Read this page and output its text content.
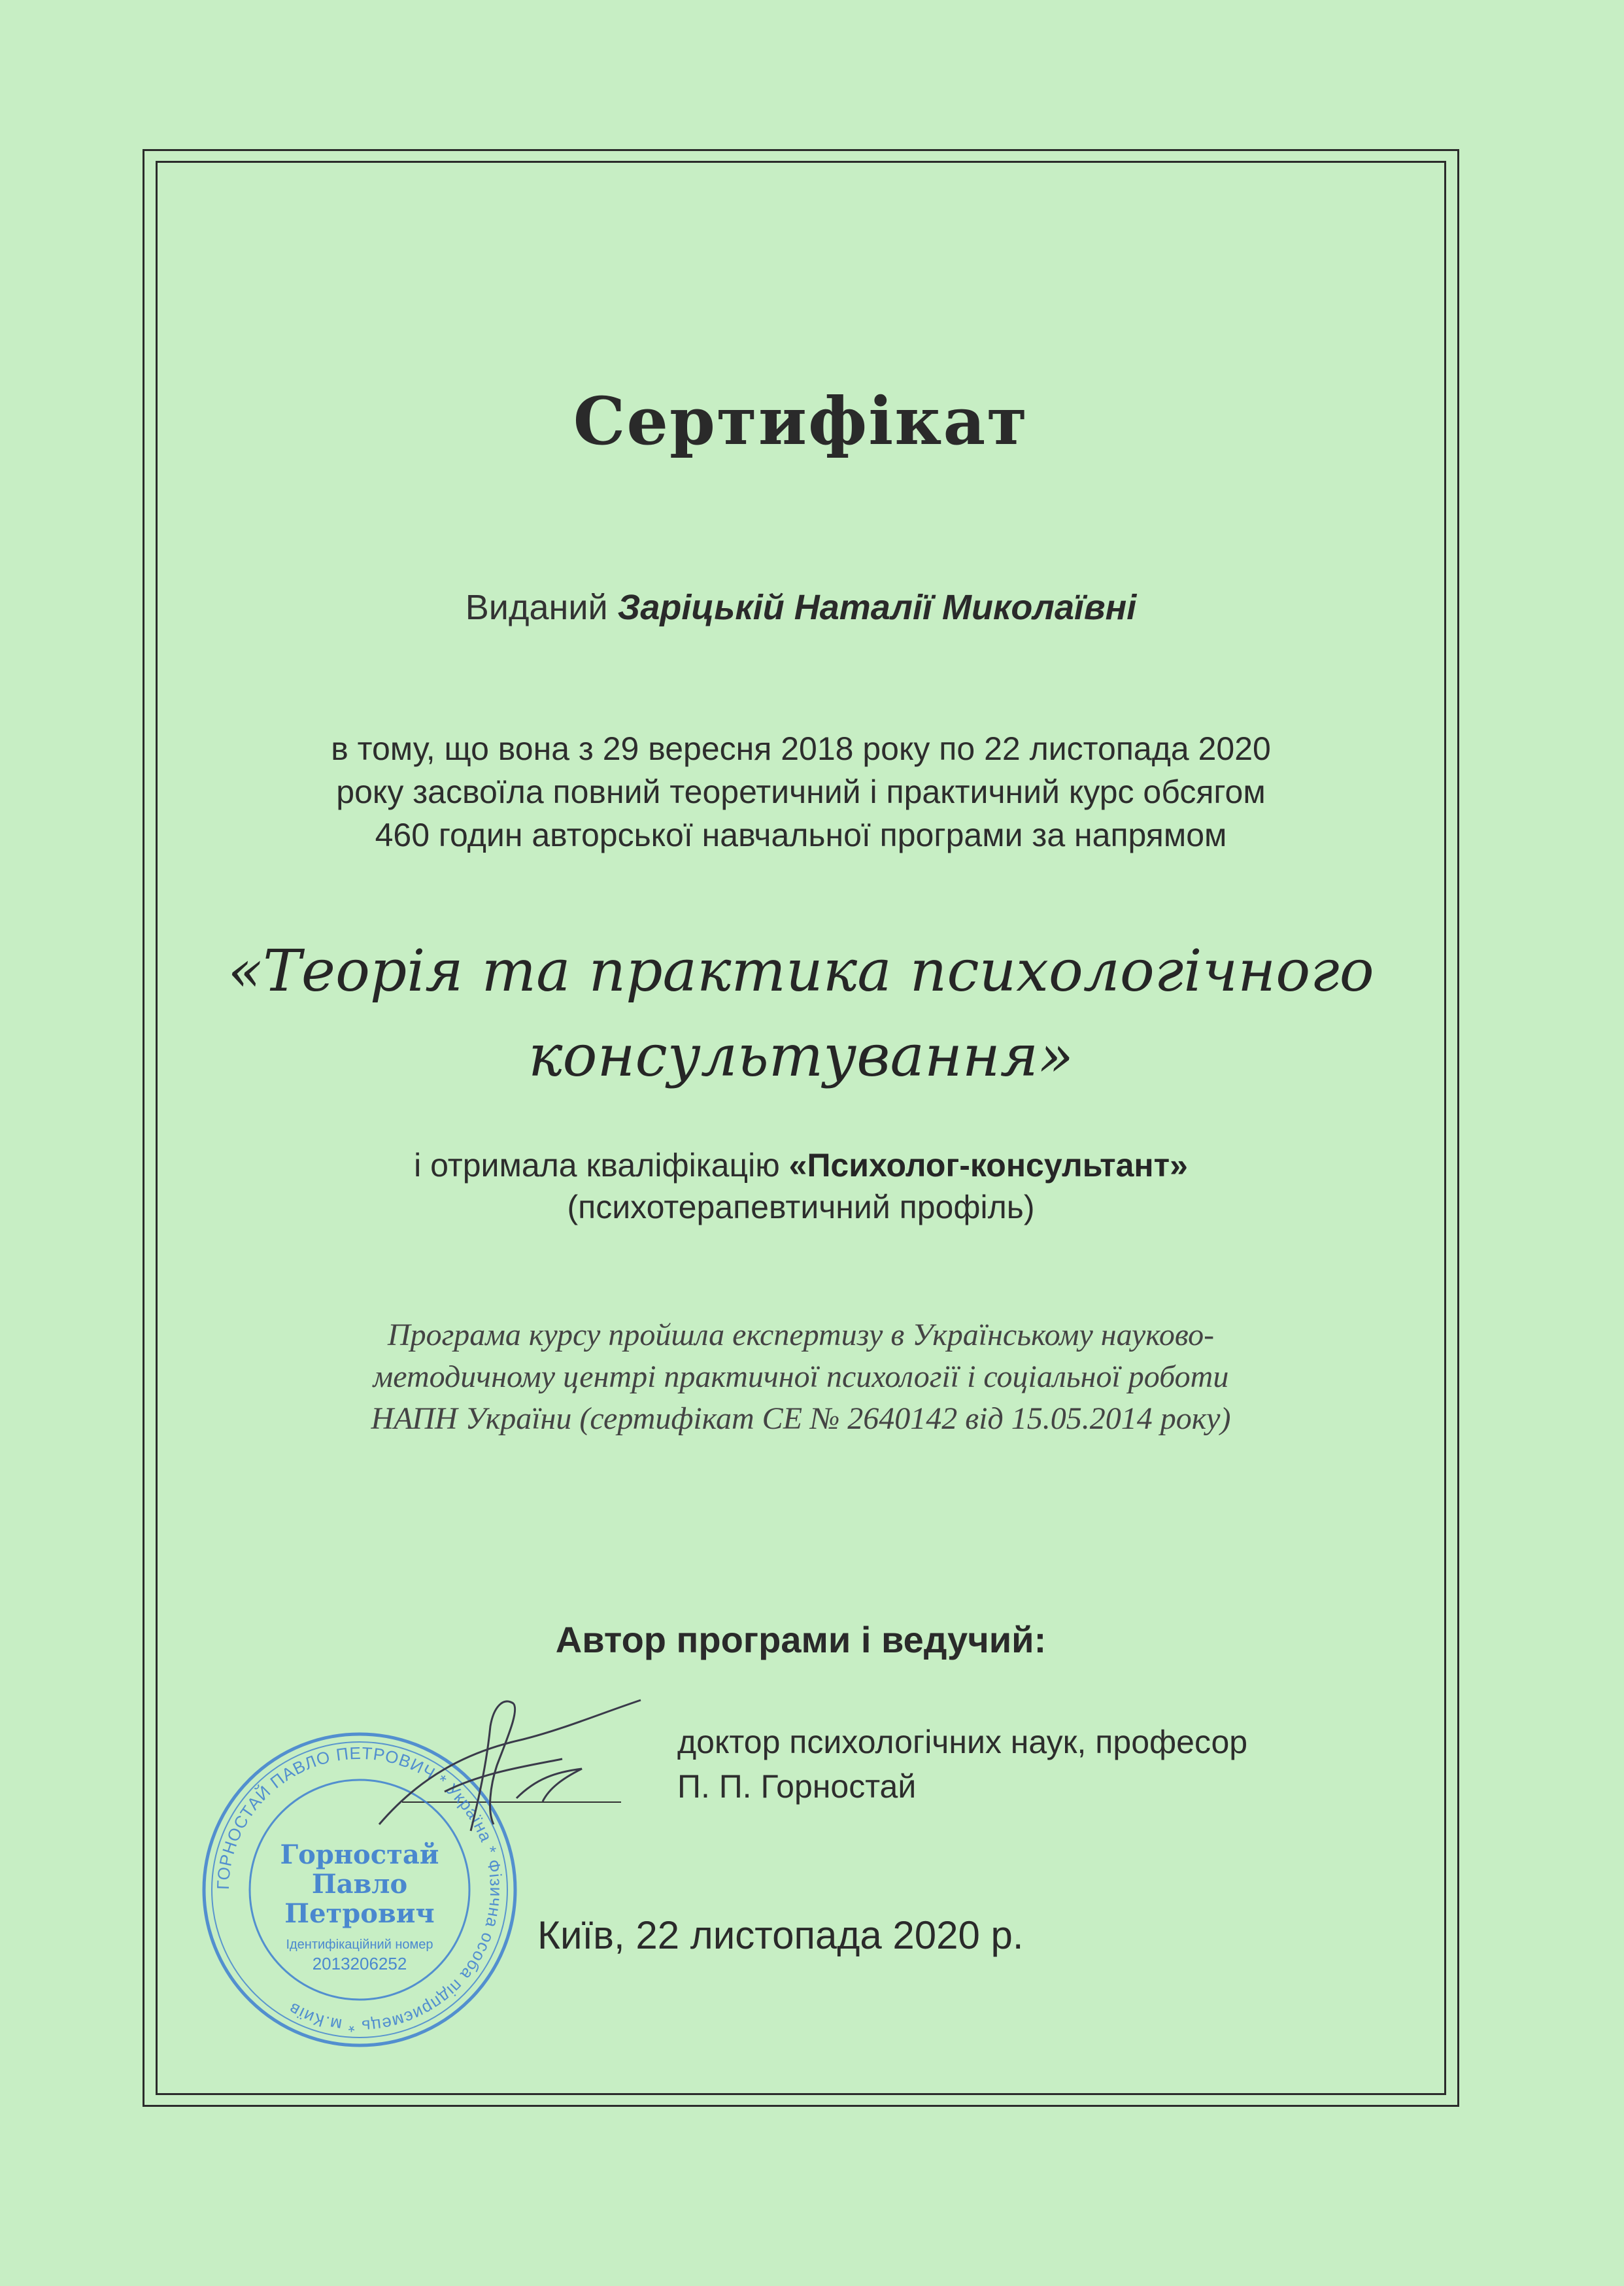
Сертифікат
Виданий Заріцькій Наталії Миколаївні
в тому, що вона з 29 вересня 2018 року по 22 листопада 2020
року засвоїла повний теоретичний і практичний курс обсягом
460 годин авторської навчальної програми за напрямом
«Теорія та практика психологічного
консультування»
і отримала кваліфікацію «Психолог-консультант»
(психотерапевтичний профіль)
Програма курсу пройшла експертизу в Українському науково-
методичному центрі практичної психології і соціальної роботи
НАПН України (сертифікат СЕ № 2640142 від 15.05.2014 року)
Автор програми і ведучий:
доктор психологічних наук, професор
П. П. Горностай
Київ, 22 листопада 2020 р.
ГОРНОСТАЙ ПАВЛО ПЕТРОВИЧ * Україна * Фізична особа підприємець * м.Київ
Горностай
Павло
Петрович
Ідентифікаційний номер
2013206252
